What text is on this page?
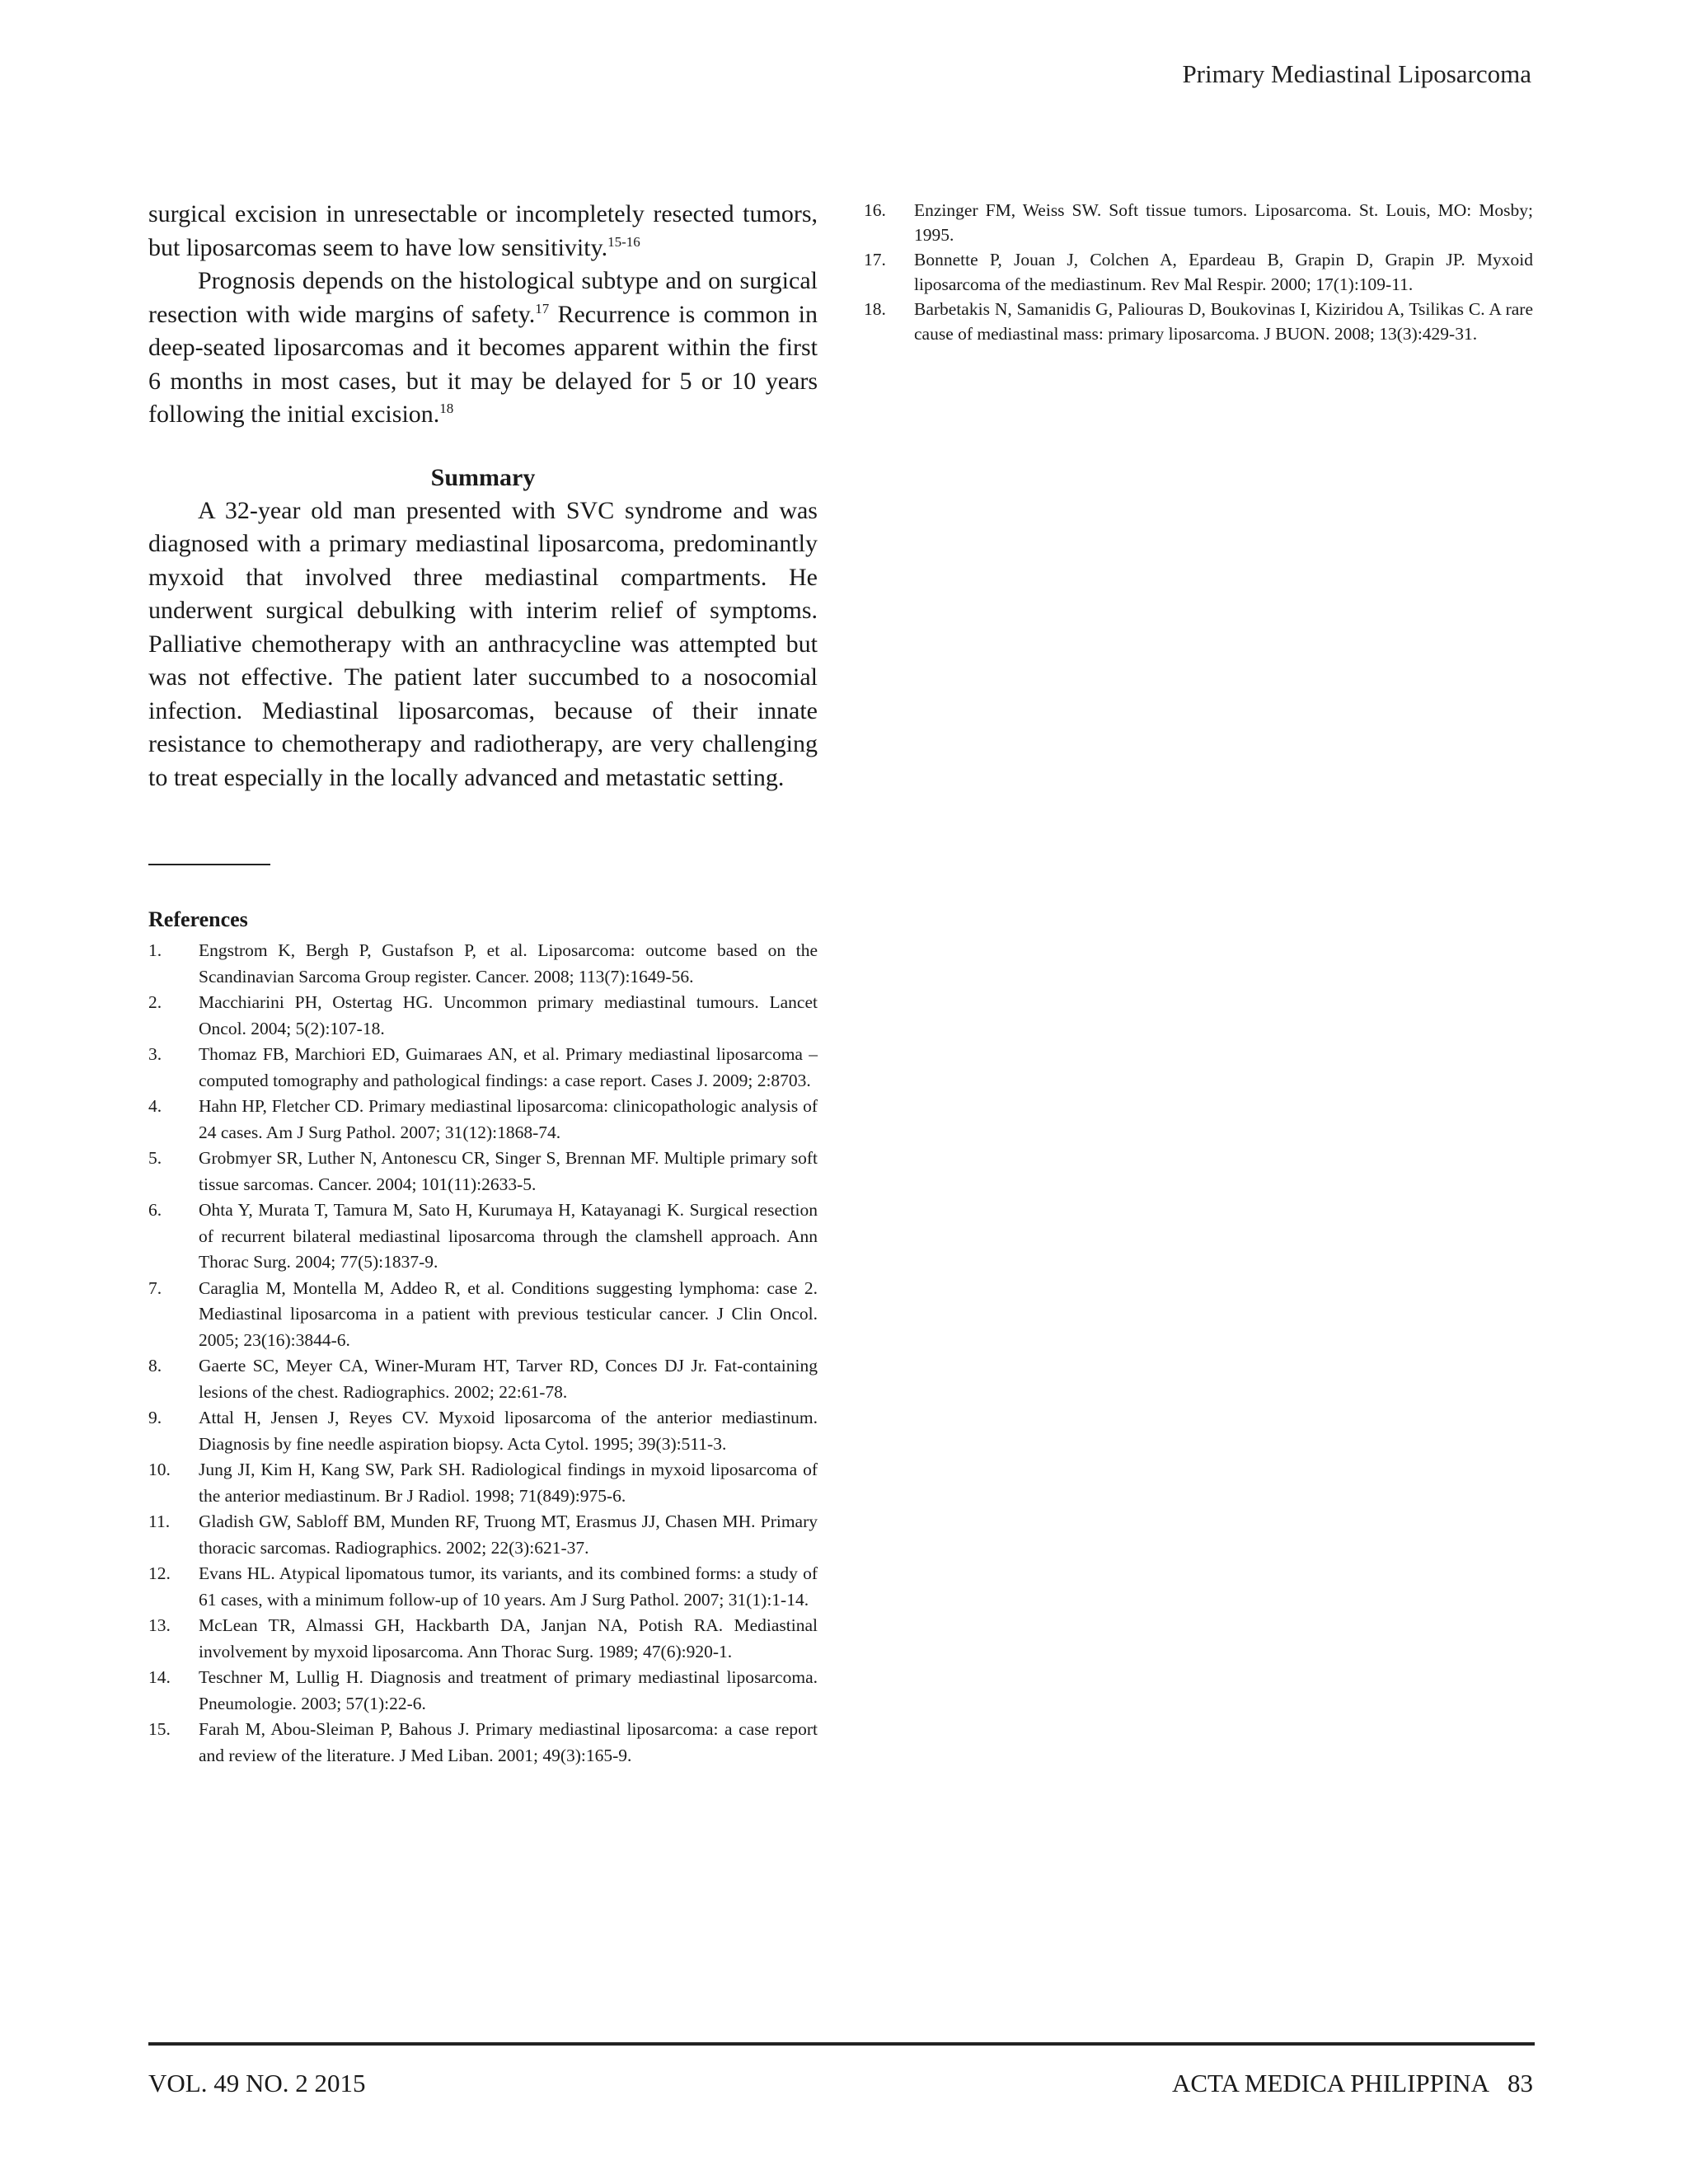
Primary Mediastinal Liposarcoma

surgical excision in unresectable or incompletely resected tumors, but liposarcomas seem to have low sensitivity.$^{15-16}$

Prognosis depends on the histological subtype and on surgical resection with wide margins of safety.$^{17}$ Recurrence is common in deep-seated liposarcomas and it becomes apparent within the first 6 months in most cases, but it may be delayed for 5 or 10 years following the initial excision.$^{18}$

Summary

A 32-year old man presented with SVC syndrome and was diagnosed with a primary mediastinal liposarcoma, predominantly myxoid that involved three mediastinal compartments. He underwent surgical debulking with interim relief of symptoms. Palliative chemotherapy with an anthracycline was attempted but was not effective. The patient later succumbed to a nosocomial infection. Mediastinal liposarcomas, because of their innate resistance to chemotherapy and radiotherapy, are very challenging to treat especially in the locally advanced and metastatic setting.

References
1.	Engstrom K, Bergh P, Gustafson P, et al. Liposarcoma: outcome based on the Scandinavian Sarcoma Group register. Cancer. 2008; 113(7):1649-56.
2.	Macchiarini PH, Ostertag HG. Uncommon primary mediastinal tumours. Lancet Oncol. 2004; 5(2):107-18.
3.	Thomaz FB, Marchiori ED, Guimaraes AN, et al. Primary mediastinal liposarcoma – computed tomography and pathological findings: a case report. Cases J. 2009; 2:8703.
4.	Hahn HP, Fletcher CD. Primary mediastinal liposarcoma: clinicopathologic analysis of 24 cases. Am J Surg Pathol. 2007; 31(12):1868-74.
5.	Grobmyer SR, Luther N, Antonescu CR, Singer S, Brennan MF. Multiple primary soft tissue sarcomas. Cancer. 2004; 101(11):2633-5.
6.	Ohta Y, Murata T, Tamura M, Sato H, Kurumaya H, Katayanagi K. Surgical resection of recurrent bilateral mediastinal liposarcoma through the clamshell approach. Ann Thorac Surg. 2004; 77(5):1837-9.
7.	Caraglia M, Montella M, Addeo R, et al. Conditions suggesting lymphoma: case 2. Mediastinal liposarcoma in a patient with previous testicular cancer. J Clin Oncol. 2005; 23(16):3844-6.
8.	Gaerte SC, Meyer CA, Winer-Muram HT, Tarver RD, Conces DJ Jr. Fat-containing lesions of the chest. Radiographics. 2002; 22:61-78.
9.	Attal H, Jensen J, Reyes CV. Myxoid liposarcoma of the anterior mediastinum. Diagnosis by fine needle aspiration biopsy. Acta Cytol. 1995; 39(3):511-3.
10.	Jung JI, Kim H, Kang SW, Park SH. Radiological findings in myxoid liposarcoma of the anterior mediastinum. Br J Radiol. 1998; 71(849):975-6.
11.	Gladish GW, Sabloff BM, Munden RF, Truong MT, Erasmus JJ, Chasen MH. Primary thoracic sarcomas. Radiographics. 2002; 22(3):621-37.
12.	Evans HL. Atypical lipomatous tumor, its variants, and its combined forms: a study of 61 cases, with a minimum follow-up of 10 years. Am J Surg Pathol. 2007; 31(1):1-14.
13.	McLean TR, Almassi GH, Hackbarth DA, Janjan NA, Potish RA. Mediastinal involvement by myxoid liposarcoma. Ann Thorac Surg. 1989; 47(6):920-1.
14.	Teschner M, Lullig H. Diagnosis and treatment of primary mediastinal liposarcoma. Pneumologie. 2003; 57(1):22-6.
15.	Farah M, Abou-Sleiman P, Bahous J. Primary mediastinal liposarcoma: a case report and review of the literature. J Med Liban. 2001; 49(3):165-9.
16.	Enzinger FM, Weiss SW. Soft tissue tumors. Liposarcoma. St. Louis, MO: Mosby; 1995.
17.	Bonnette P, Jouan J, Colchen A, Epardeau B, Grapin D, Grapin JP. Myxoid liposarcoma of the mediastinum. Rev Mal Respir. 2000; 17(1):109-11.
18.	Barbetakis N, Samanidis G, Paliouras D, Boukovinas I, Kiziridou A, Tsilikas C. A rare cause of mediastinal mass: primary liposarcoma. J BUON. 2008; 13(3):429-31.
VOL. 49 NO. 2 2015	ACTA MEDICA PHILIPPINA 83
